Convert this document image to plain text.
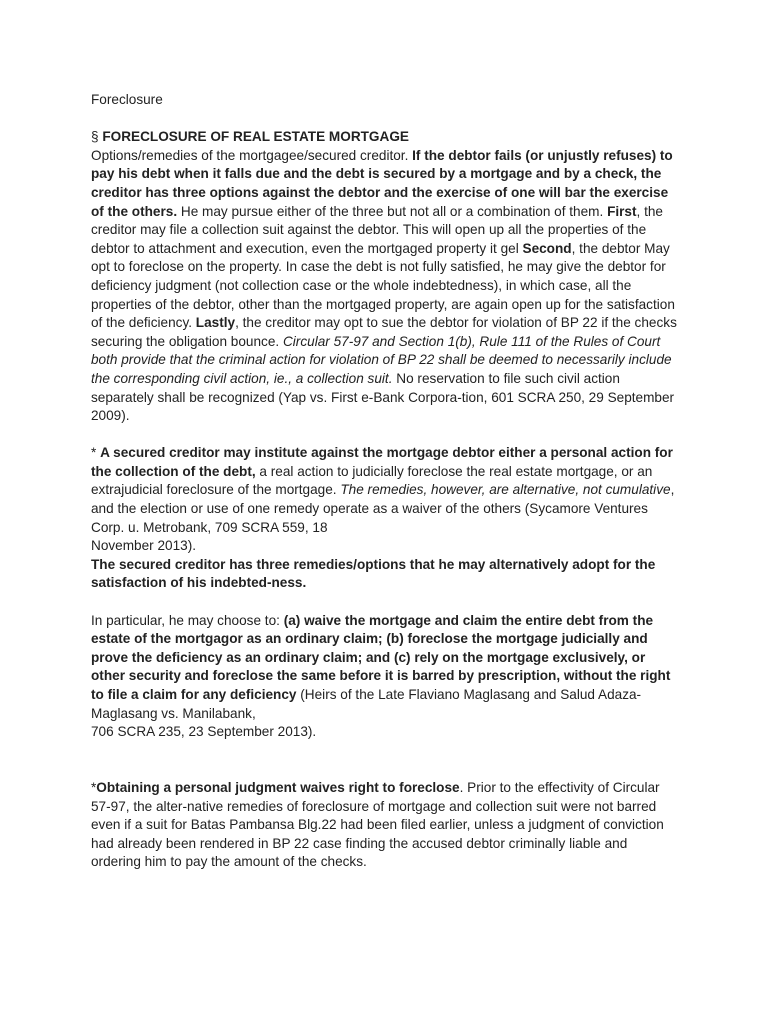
Foreclosure

§ FORECLOSURE OF REAL ESTATE MORTGAGE
Options/remedies of the mortgagee/secured creditor. If the debtor fails (or unjustly refuses) to pay his debt when it falls due and the debt is secured by a mortgage and by a check, the creditor has three options against the debtor and the exercise of one will bar the exercise of the others. He may pursue either of the three but not all or a combination of them. First, the creditor may file a collection suit against the debtor. This will open up all the properties of the debtor to attachment and execution, even the mortgaged property it gel Second, the debtor May opt to foreclose on the property. In case the debt is not fully satisfied, he may give the debtor for deficiency judgment (not collection case or the whole indebtedness), in which case, all the properties of the debtor, other than the mortgaged property, are again open up for the satisfaction of the deficiency. Lastly, the creditor may opt to sue the debtor for violation of BP 22 if the checks securing the obligation bounce. Circular 57-97 and Section 1(b), Rule 111 of the Rules of Court both provide that the criminal action for violation of BP 22 shall be deemed to necessarily include the corresponding civil action, ie., a collection suit. No reservation to file such civil action separately shall be recognized (Yap vs. First e-Bank Corpora-tion, 601 SCRA 250, 29 September 2009).

* A secured creditor may institute against the mortgage debtor either a personal action for the collection of the debt, a real action to judicially foreclose the real estate mortgage, or an extrajudicial foreclosure of the mortgage. The remedies, however, are alternative, not cumulative, and the election or use of one remedy operate as a waiver of the others (Sycamore Ventures Corp. u. Metrobank, 709 SCRA 559, 18
November 2013).
The secured creditor has three remedies/options that he may alternatively adopt for the satisfaction of his indebted-ness.

In particular, he may choose to: (a) waive the mortgage and claim the entire debt from the estate of the mortgagor as an ordinary claim; (b) foreclose the mortgage judicially and prove the deficiency as an ordinary claim; and (c) rely on the mortgage exclusively, or other security and foreclose the same before it is barred by prescription, without the right to file a claim for any deficiency (Heirs of the Late Flaviano Maglasang and Salud Adaza-Maglasang vs. Manilabank,
706 SCRA 235, 23 September 2013).

*Obtaining a personal judgment waives right to foreclose. Prior to the effectivity of Circular 57-97, the alter-native remedies of foreclosure of mortgage and collection suit were not barred even if a suit for Batas Pambansa Blg.22 had been filed earlier, unless a judgment of conviction had already been rendered in BP 22 case finding the accused debtor criminally liable and ordering him to pay the amount of the checks.
